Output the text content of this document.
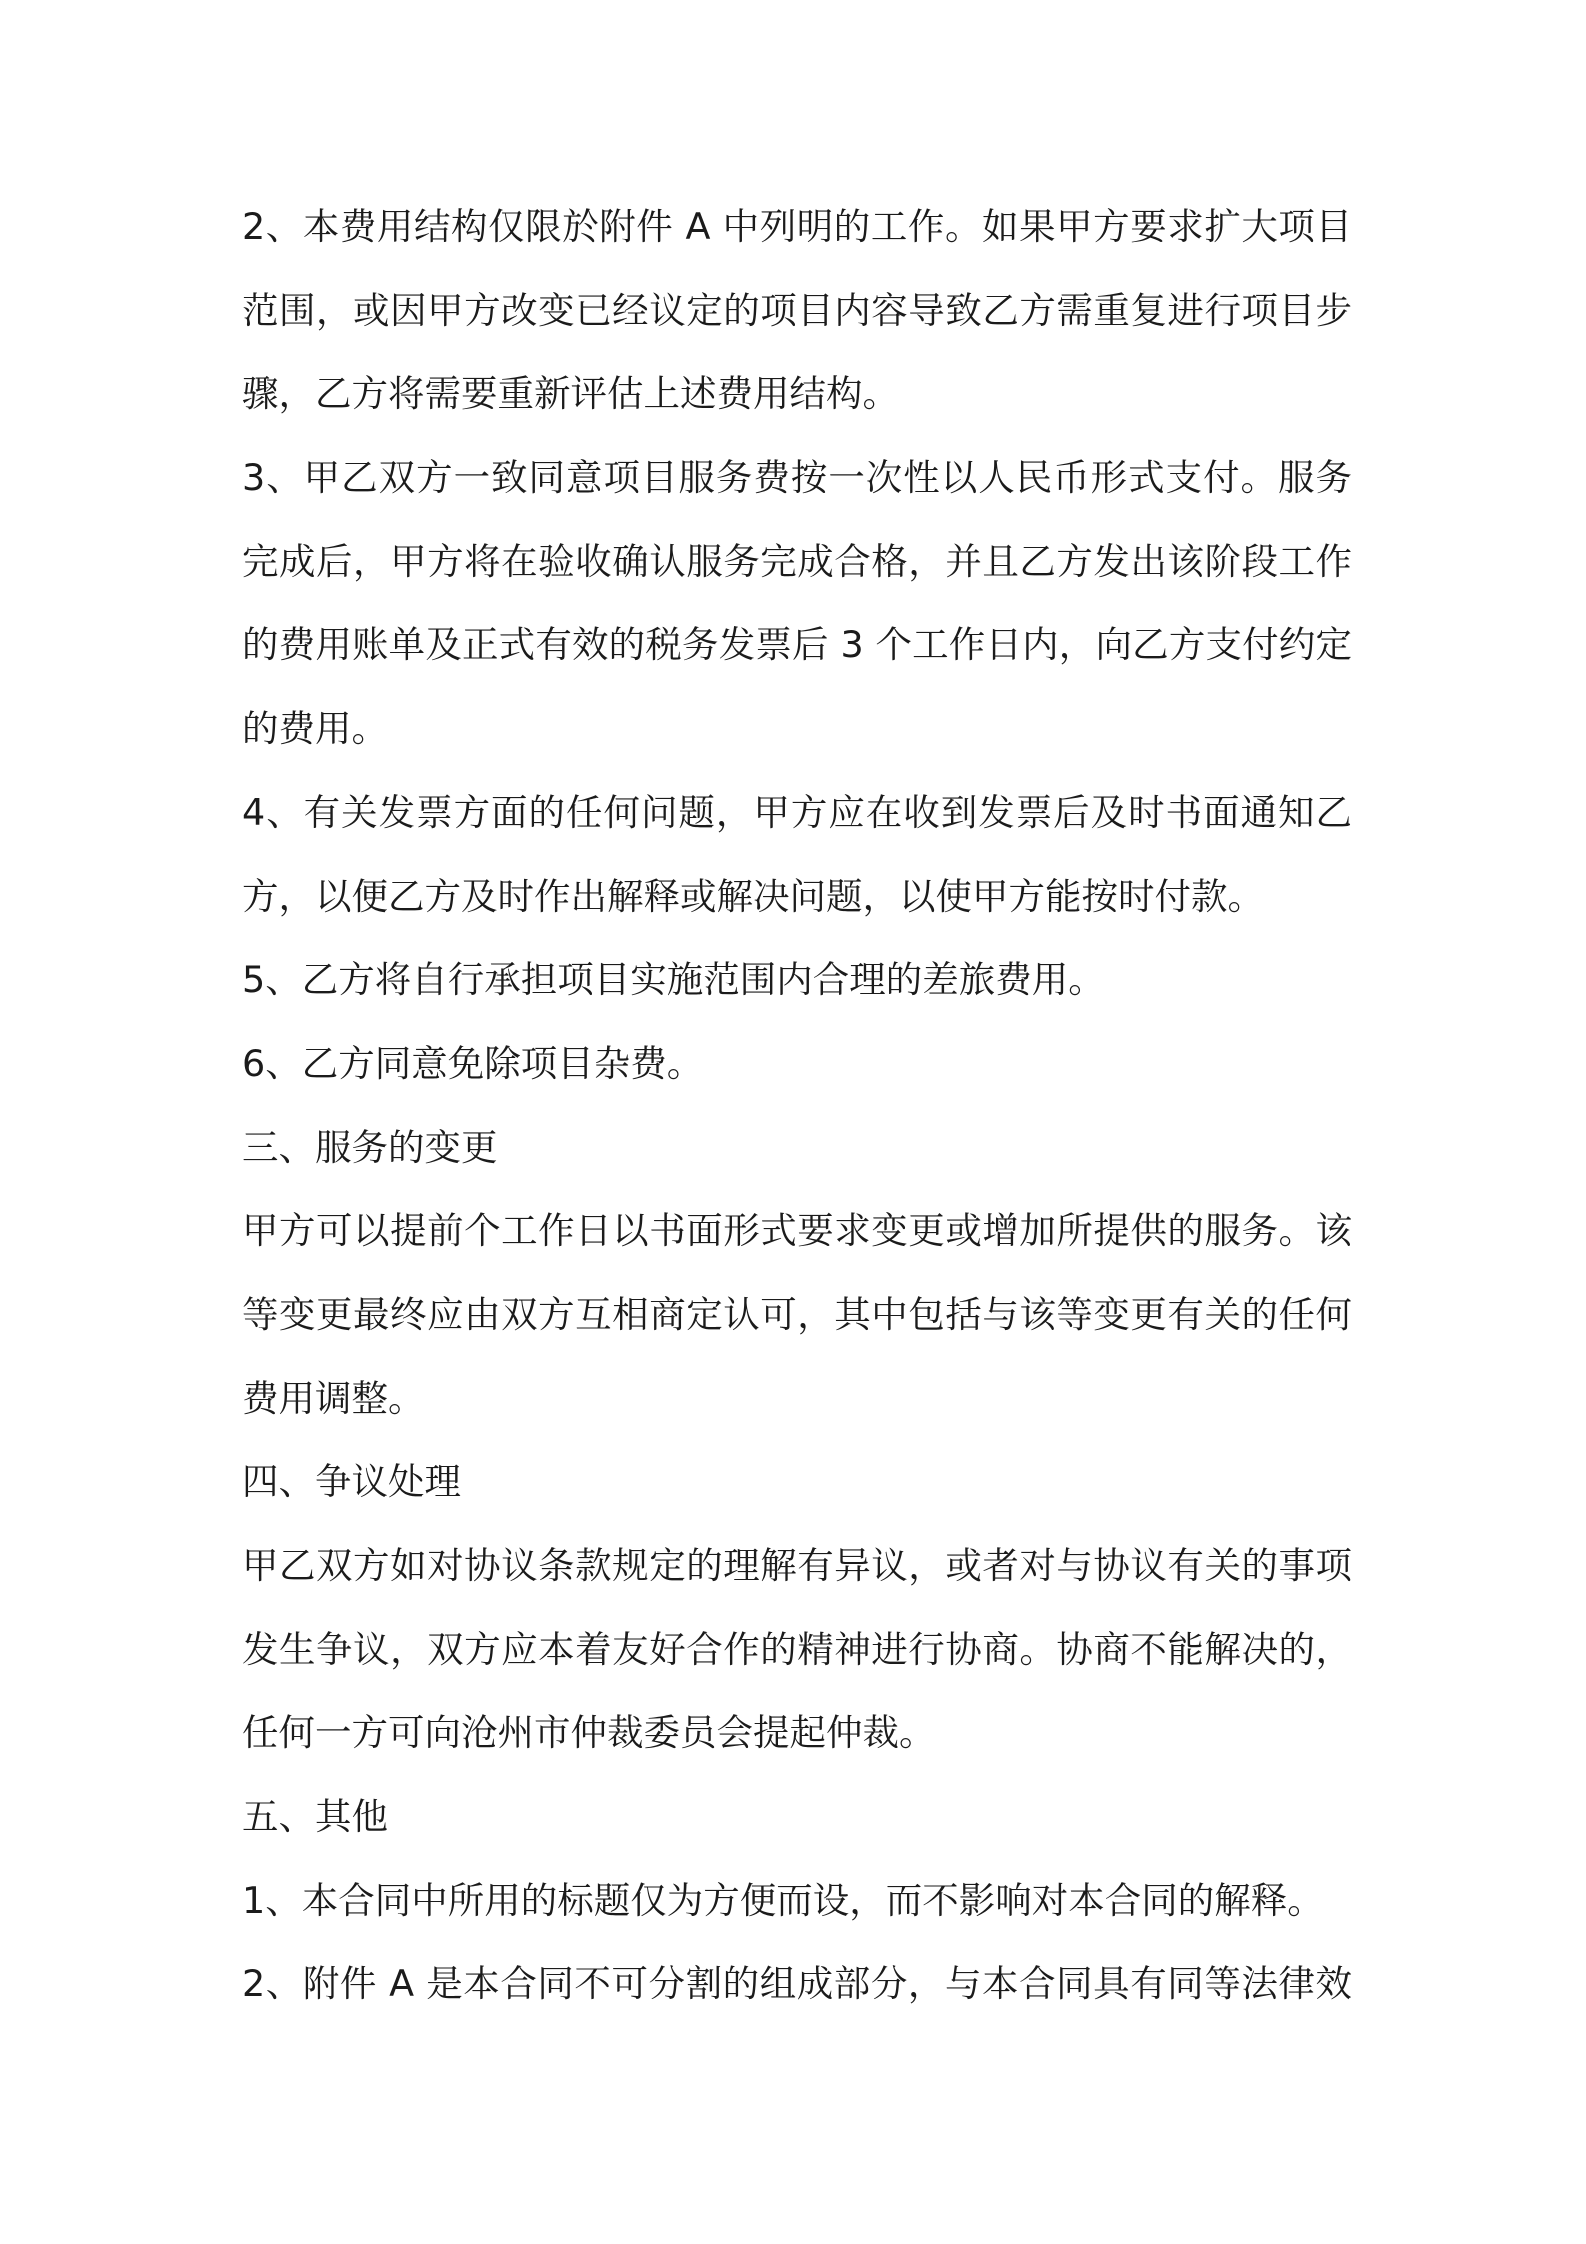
2、本费用结构仅限於附件 A 中列明的工作。如果甲方要求扩大项目
范围，或因甲方改变已经议定的项目内容导致乙方需重复进行项目步
骤，乙方将需要重新评估上述费用结构。
3、甲乙双方一致同意项目服务费按一次性以人民币形式支付。服务
完成后，甲方将在验收确认服务完成合格，并且乙方发出该阶段工作
的费用账单及正式有效的税务发票后 3 个工作日内，向乙方支付约定
的费用。
4、有关发票方面的任何问题，甲方应在收到发票后及时书面通知乙
方，以便乙方及时作出解释或解决问题，以使甲方能按时付款。
5、乙方将自行承担项目实施范围内合理的差旅费用。
6、乙方同意免除项目杂费。
三、服务的变更
甲方可以提前个工作日以书面形式要求变更或增加所提供的服务。该
等变更最终应由双方互相商定认可，其中包括与该等变更有关的任何
费用调整。
四、争议处理
甲乙双方如对协议条款规定的理解有异议，或者对与协议有关的事项
发生争议，双方应本着友好合作的精神进行协商。协商不能解决的，
任何一方可向沧州市仲裁委员会提起仲裁。
五、其他
1、本合同中所用的标题仅为方便而设，而不影响对本合同的解释。
2、附件 A 是本合同不可分割的组成部分，与本合同具有同等法律效
